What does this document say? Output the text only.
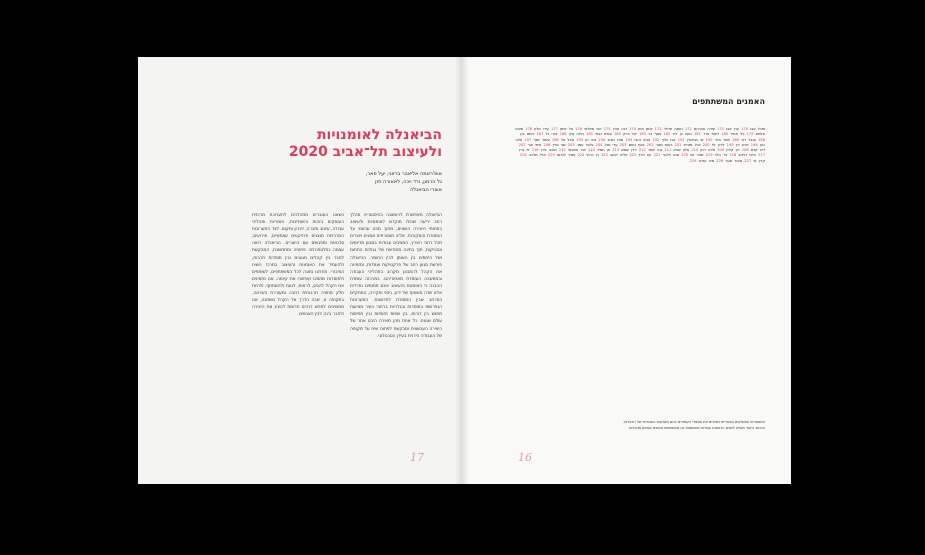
הביאנלה לאומנויות
ולעיצוב תל־אביב 2020
אופ'ראמה אליאבר ברזוני, יעל פאר,
גל הרמון, ורד ויכה, לאאורה חזן
אוצרי הביאנלה
הביאנלה מאפשרת לראשונה בהיסטוריה מהלך רחב יריעה שכולו מוקדש לאומנויות ולעיצוב בתחומי היצירה השונים, מתוך מבט עכשווי על המסורת והמקורות. אליה מצטרפים אמנים ויוצרים מכל רחבי הארץ, המציגים עבודות במגוון מדיומים וטכניקות, תוך בחינה מחודשת של גבולות התחום ושל היחסים בין האומן לבין החומר. הביאנלה פורשת מגוון רחב של פרקטיקות ועמדות, ומזמינה את הקהל להתבונן מקרוב בתהליכי העבודה ובמחשבה העומדת מאחוריהם. במרכזה עומדת ההבנה כי האומנות והעיצוב אינם תחומים נפרדים אלא שדה משותף של ידע, ניסוי וחקירה, המתקיים במרחב שבין המסורת לחדשנות. התערוכות הנפרשות במוסדות ובגלריות ברחבי העיר מציעות מפגש בין דורות, בין שפות חזותיות ובין תפיסות עולם שונות. כל אחת מהן מאירה היבט אחר של היצירה העכשווית ומבקשת לפתוח שיח על מקומה של העבודה הידנית בעידן הטכנולוגי.
כשאנו העוברים מתהלכים לתערוכת מרכזית העוסקים בזהות והשתייכות, חומריות ותהליכי עבודה, עיצוב וחברה, זיכרון ומקום. לצד התערוכות המרכזיות מוצגים פרויקטים עצמאיים, אירועים, סדנאות ומפגשים עם היוצרים. הביאנלה רואה עצמה כפלטפורמה פתוחה ומתמשכת, המבקשת לחבר בין קהלים מגוונים ובין מוסדות תרבות, ולהעמיד את האומנות והעיצוב במרכז השיח הציבורי. תודתנו נתונה לכל המשתתפים, לשותפים ולמוסדות שתמכו ואפשרו את קיומה. אנו מזמינים את הקהל להגיע, לראות, לגעת ולהשתתף, ולהיות חלק מחוויה תרבותית רחבה ומעוררת השראה. בתקופה זו, שבה הדרך אל הקהל משתנה, אנו ממשיכים לחפש דרכים חדשות להציג את היצירה ולחבר בינה לבין האנשים.
17
האמנים המשתתפים
מיכל אבו 170 ערן אבן 171 שירה אברהם 172 נעמה אדלר 173 יונתן אוזן 174 דנה אורן 175 רוני אזולאי 176 טל איתן 177 עידו אלון 178 מאיה אלמוג 179 גיל אמיר 180 ליאת ארד 181 נועה בן דוד 182 אסף בר 183 יעל ברק 184 עמית גבאי 185 הילה גולן 186 אורי גל 187 רותם דגן 188 ענבל דור 189 תמר הדר 190 שי הורוביץ 191 קרן וולף 192 אביב זהבי 193 מורן חביב 194 נדב חן 195 סיגל טל 196 עומר יוסף 197 אלה כהן 198 דורון כץ 199 לירון לוי 200 יובל מזרחי 201 רעות מנור 202 בועז נחום 203 עדי סגל 204 גלעד עמר 205 שני פרץ 206 איתי צור 207 ליה קדם 208 רון קליין 209 מירב רוזן 210 אלון שגיא 211 נגה שחר 212 ירדן שמש 213 חן תמיר 214 אור אשכנזי 215 דפנה בירן 216 זיו גרין 217 הדס דוידוב 218 ניר הלוי 219 שחר ויס 220 אנה זילבר 221 עוז חדד 222 טליה יעקב 223 רן כרמי 224 ספיר לנדאו 225 אייל מלכה 226 קרין נוי 227 אבנר סער 228 מיה עזרא 229
המספרים המופיעים בסוגריים מציינים את מספרי העמודים בהם מופיעות העבודות של היוצרים.
הכתוב היוצר מופיע לשנים הרצאות עבודות משותפות וכן משתתפים נוספים שאינם מוזכרים.
16
